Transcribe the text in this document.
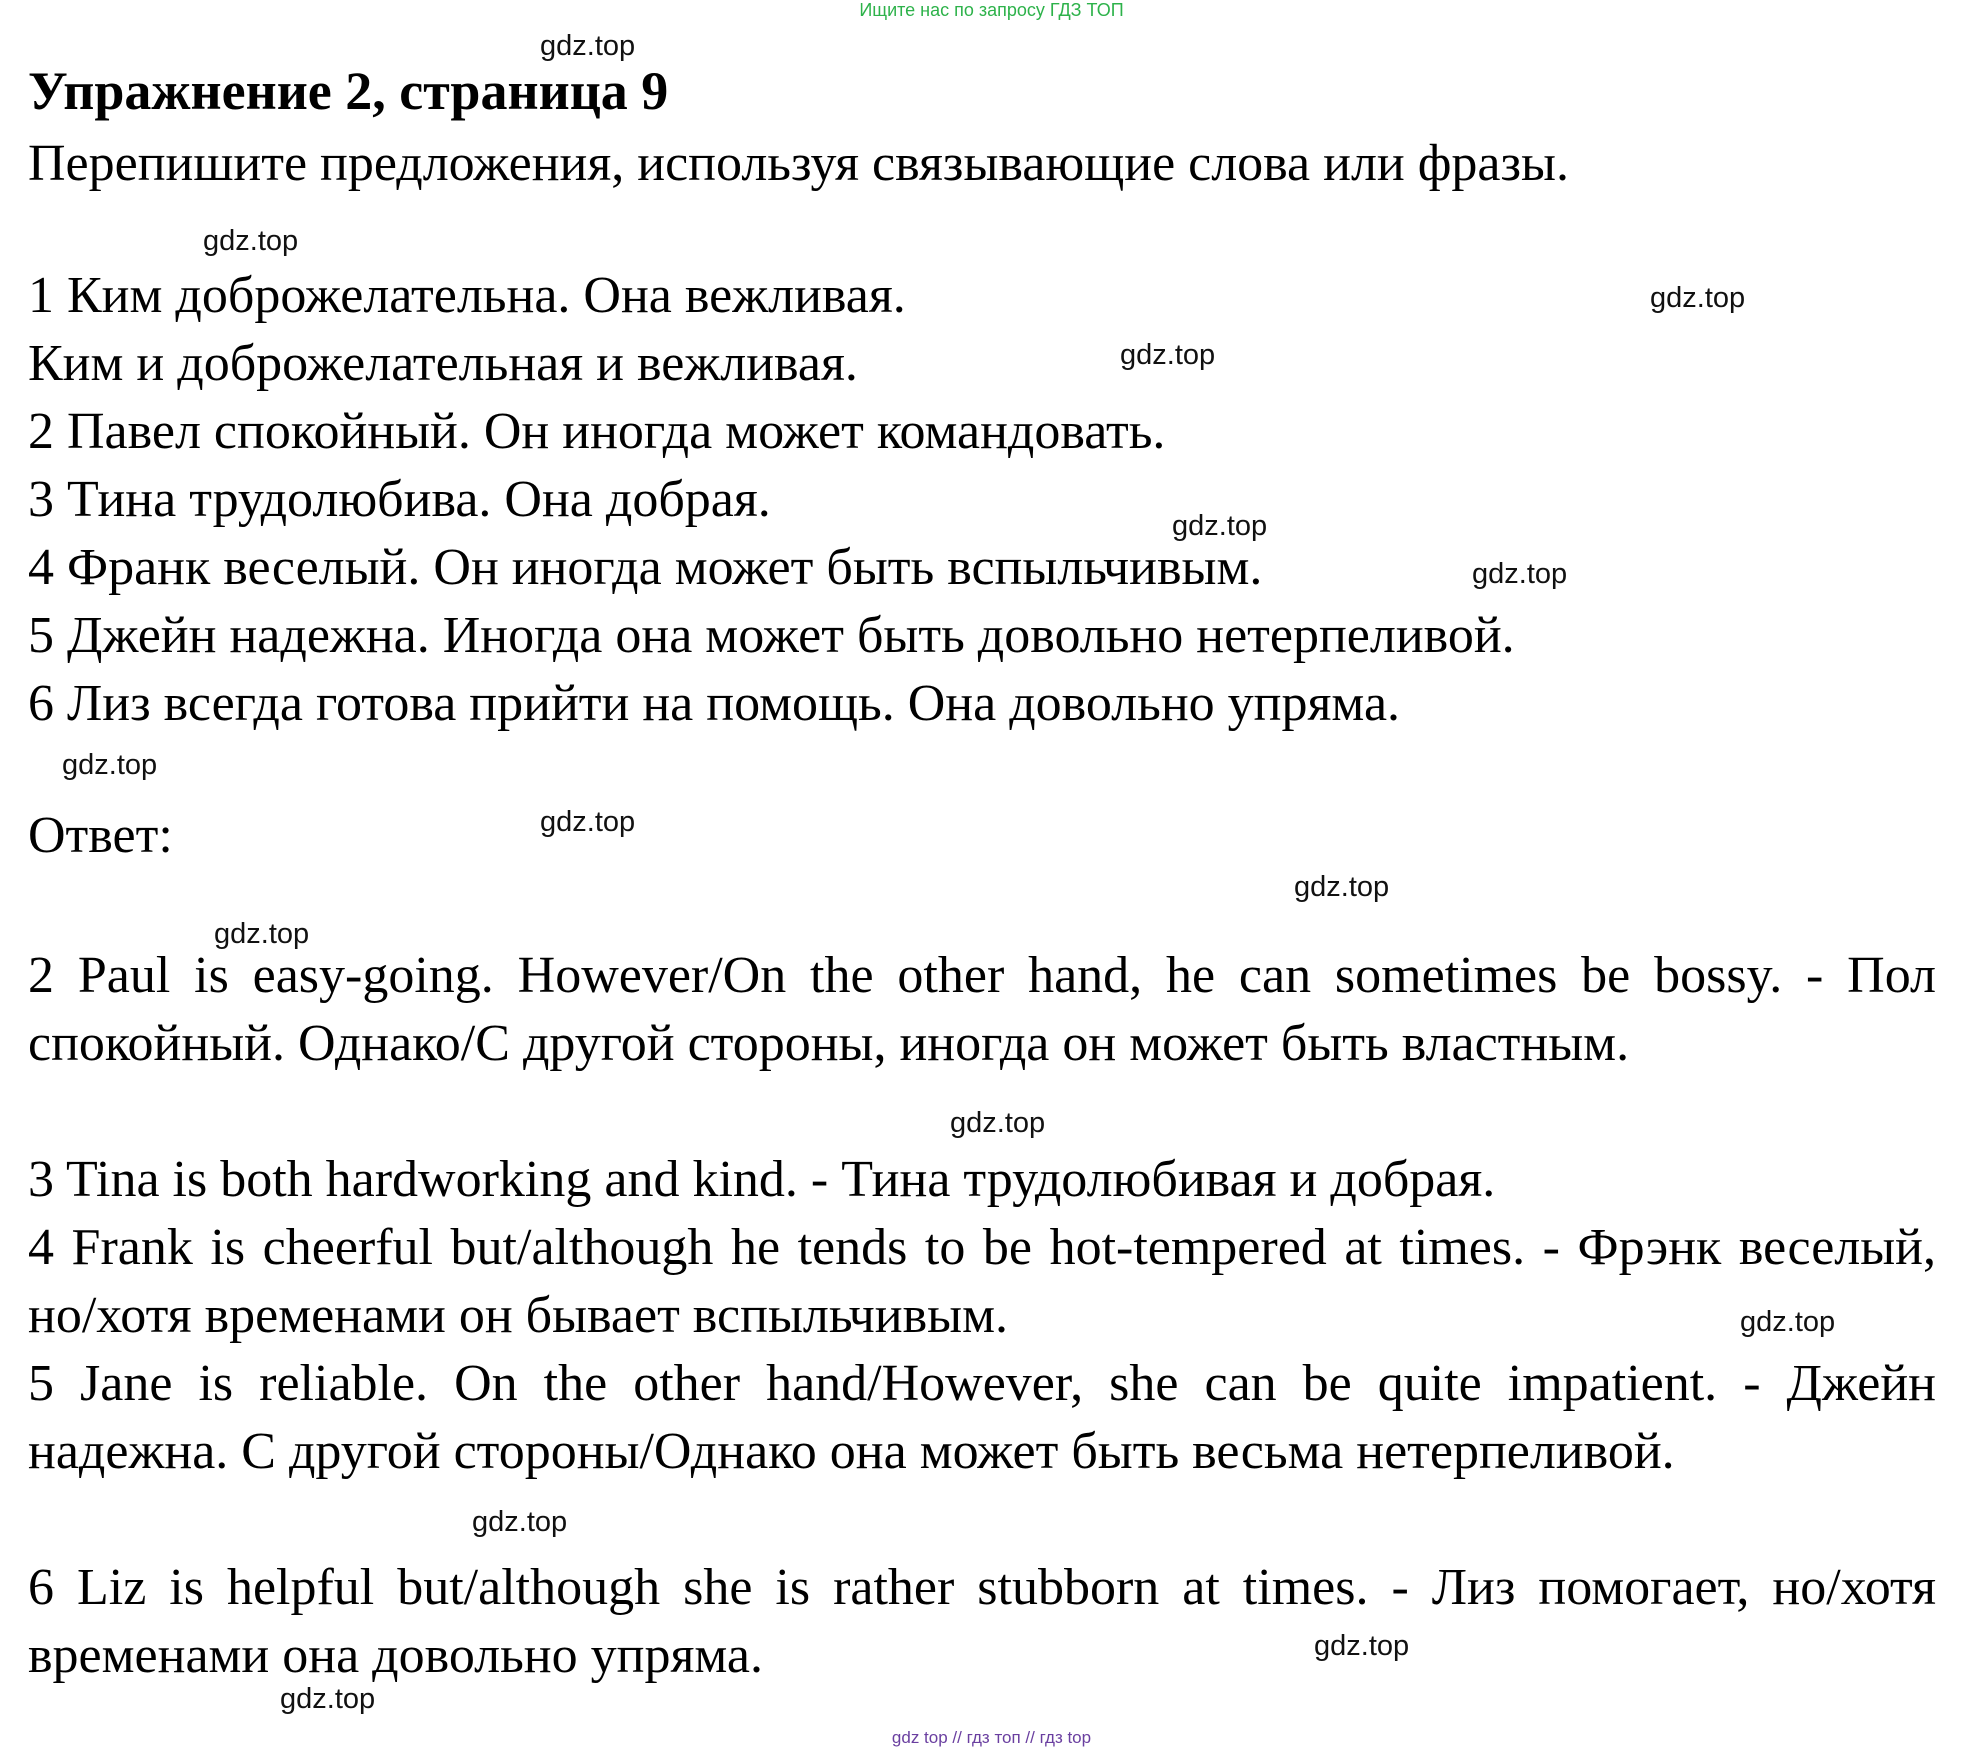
Ищите нас по запросу ГДЗ ТОП
Упражнение 2, страница 9
Перепишите предложения, используя связывающие слова или фразы.
1 Ким доброжелательна. Она вежливая.
Ким и доброжелательная и вежливая.
2 Павел спокойный. Он иногда может командовать.
3 Тина трудолюбива. Она добрая.
4 Франк веселый. Он иногда может быть вспыльчивым.
5 Джейн надежна. Иногда она может быть довольно нетерпеливой.
6 Лиз всегда готова прийти на помощь. Она довольно упряма.
Ответ:
2 Paul is easy-going. However/On the other hand, he can sometimes be bossy. - Пол спокойный. Однако/С другой стороны, иногда он может быть властным.
3 Tina is both hardworking and kind. - Тина трудолюбивая и добрая.
4 Frank is cheerful but/although he tends to be hot-tempered at times. - Фрэнк веселый, но/хотя временами он бывает вспыльчивым.
5 Jane is reliable. On the other hand/However, she can be quite impatient. - Джейн надежна. С другой стороны/Однако она может быть весьма нетерпеливой.
6 Liz is helpful but/although she is rather stubborn at times. - Лиз помогает, но/хотя временами она довольно упряма.
gdz.top
gdz.top
gdz.top
gdz.top
gdz.top
gdz.top
gdz.top
gdz.top
gdz.top
gdz.top
gdz.top
gdz.top
gdz.top
gdz.top
gdz.top
gdz top // гдз топ // гдз top
